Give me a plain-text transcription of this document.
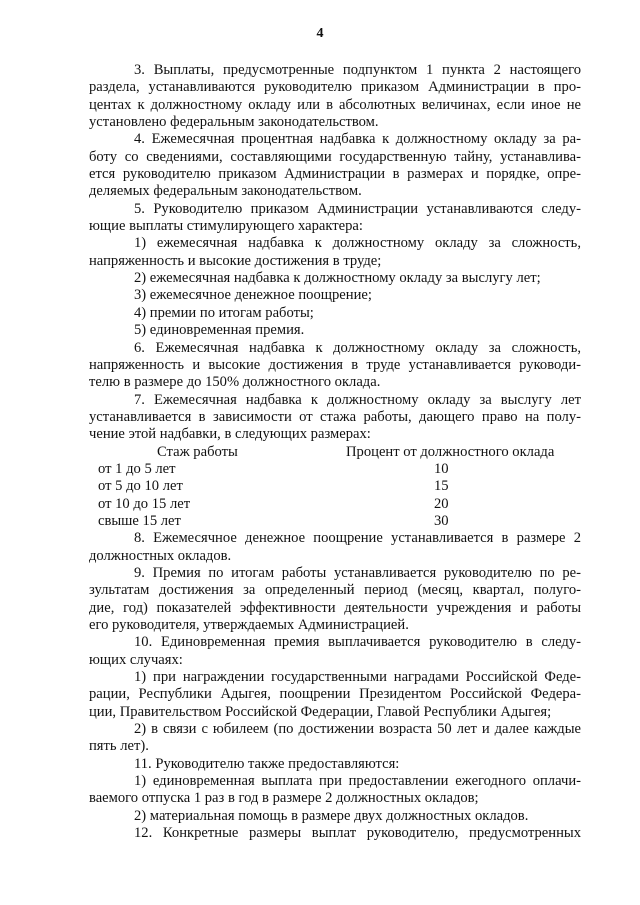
4
3. Выплаты, предусмотренные подпунктом 1 пункта 2 настоящего
раздела, устанавливаются руководителю приказом Администрации в про-
центах к должностному окладу или в абсолютных величинах, если иное не
установлено федеральным законодательством.
4. Ежемесячная процентная надбавка к должностному окладу за ра-
боту со сведениями, составляющими государственную тайну, устанавлива-
ется руководителю приказом Администрации в размерах и порядке, опре-
деляемых федеральным законодательством.
5. Руководителю приказом Администрации устанавливаются следу-
ющие выплаты стимулирующего характера:
1) ежемесячная надбавка к должностному окладу за сложность,
напряженность и высокие достижения в труде;
2) ежемесячная надбавка к должностному окладу за выслугу лет;
3) ежемесячное денежное поощрение;
4) премии по итогам работы;
5) единовременная премия.
6. Ежемесячная надбавка к должностному окладу за сложность,
напряженность и высокие достижения в труде устанавливается руководи-
телю в размере до 150% должностного оклада.
7. Ежемесячная надбавка к должностному окладу за выслугу лет
устанавливается в зависимости от стажа работы, дающего право на полу-
чение этой надбавки, в следующих размерах:
Стаж работы	Процент от должностного оклада
от 1 до 5 лет	10
от 5 до 10 лет	15
от 10 до 15 лет	20
свыше 15 лет	30
8. Ежемесячное денежное поощрение устанавливается в размере 2
должностных окладов.
9. Премия по итогам работы устанавливается руководителю по ре-
зультатам достижения за определенный период (месяц, квартал, полуго-
дие, год) показателей эффективности деятельности учреждения и работы
его руководителя, утверждаемых Администрацией.
10. Единовременная премия выплачивается руководителю в следу-
ющих случаях:
1) при награждении государственными наградами Российской Феде-
рации, Республики Адыгея, поощрении Президентом Российской Федера-
ции, Правительством Российской Федерации, Главой Республики Адыгея;
2) в связи с юбилеем (по достижении возраста 50 лет и далее каждые
пять лет).
11. Руководителю также предоставляются:
1) единовременная выплата при предоставлении ежегодного оплачи-
ваемого отпуска 1 раз в год в размере 2 должностных окладов;
2) материальная помощь в размере двух должностных окладов.
12. Конкретные размеры выплат руководителю, предусмотренных
